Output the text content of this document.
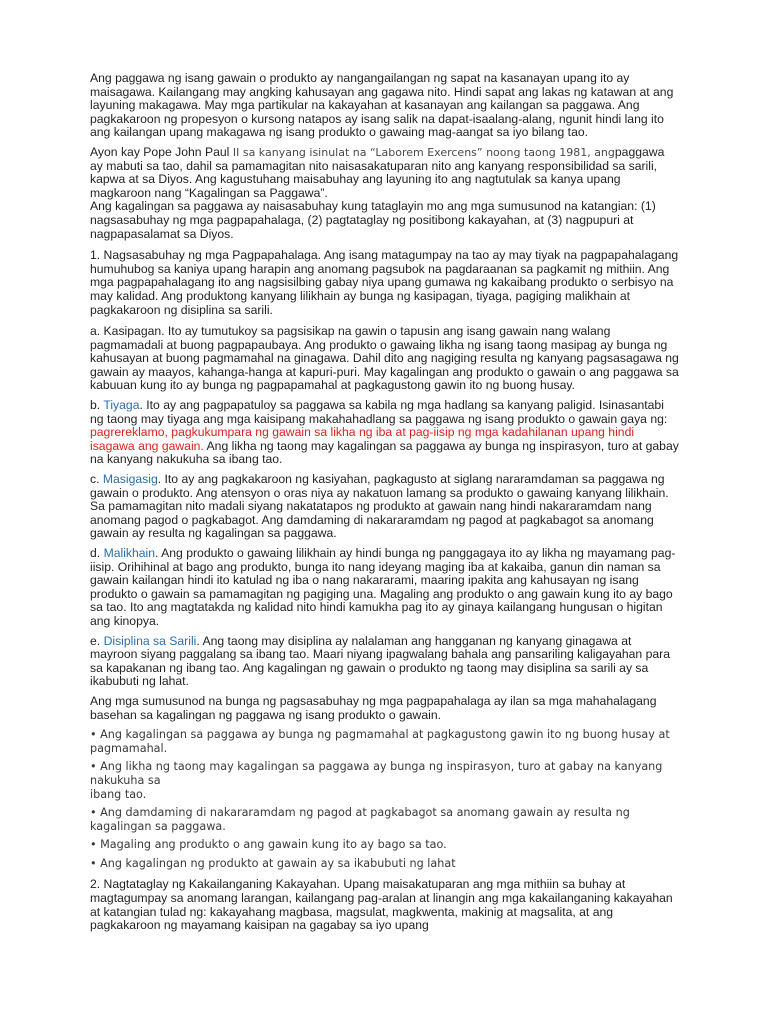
Ang paggawa ng isang gawain o produkto ay nangangailangan ng sapat na kasanayan upang ito ay maisagawa. Kailangang may angking kahusayan ang gagawa nito. Hindi sapat ang lakas ng katawan at ang layuning makagawa. May mga partikular na kakayahan at kasanayan ang kailangan sa paggawa. Ang pagkakaroon ng propesyon o kursong natapos ay isang salik na dapat-isaalang-alang, ngunit hindi lang ito ang kailangan upang makagawa ng isang produkto o gawaing mag-aangat sa iyo bilang tao.

Ayon kay Pope John Paul II sa kanyang isinulat na “Laborem Exercens” noong taong 1981, angpaggawa ay mabuti sa tao, dahil sa pamamagitan nito naisasakatuparan nito ang kanyang responsibilidad sa sarili, kapwa at sa Diyos. Ang kagustuhang maisabuhay ang layuning ito ang nagtutulak sa kanya upang magkaroon nang “Kagalingan sa Paggawa”.

Ang kagalingan sa paggawa ay naisasabuhay kung tataglayin mo ang mga sumusunod na katangian: (1) nagsasabuhay ng mga pagpapahalaga, (2) pagtataglay ng positibong kakayahan, at (3) nagpupuri at nagpapasalamat sa Diyos.

1. Nagsasabuhay ng mga Pagpapahalaga. Ang isang matagumpay na tao ay may tiyak na pagpapahalagang humuhubog sa kaniya upang harapin ang anomang pagsubok na pagdaraanan sa pagkamit ng mithiin. Ang mga pagpapahalagang ito ang nagsisilbing gabay niya upang gumawa ng kakaibang produkto o serbisyo na may kalidad. Ang produktong kanyang lilikhain ay bunga ng kasipagan, tiyaga, pagiging malikhain at pagkakaroon ng disiplina sa sarili.

a. Kasipagan. Ito ay tumutukoy sa pagsisikap na gawin o tapusin ang isang gawain nang walang pagmamadali at buong pagpapaubaya. Ang produkto o gawaing likha ng isang taong masipag ay bunga ng kahusayan at buong pagmamahal na ginagawa. Dahil dito ang nagiging resulta ng kanyang pagsasagawa ng gawain ay maayos, kahanga-hanga at kapuri-puri. May kagalingan ang produkto o gawain o ang paggawa sa kabuuan kung ito ay bunga ng pagpapamahal at pagkagustong gawin ito ng buong husay.

b. Tiyaga. Ito ay ang pagpapatuloy sa paggawa sa kabila ng mga hadlang sa kanyang paligid. Isinasantabi ng taong may tiyaga ang mga kaisipang makahahadlang sa paggawa ng isang produkto o gawain gaya ng: pagrereklamo, pagkukumpara ng gawain sa likha ng iba at pag-iisip ng mga kadahilanan upang hindi isagawa ang gawain. Ang likha ng taong may kagalingan sa paggawa ay bunga ng inspirasyon, turo at gabay na kanyang nakukuha sa ibang tao.

c. Masigasig. Ito ay ang pagkakaroon ng kasiyahan, pagkagusto at siglang nararamdaman sa paggawa ng gawain o produkto. Ang atensyon o oras niya ay nakatuon lamang sa produkto o gawaing kanyang lilikhain. Sa pamamagitan nito madali siyang nakatatapos ng produkto at gawain nang hindi nakararamdam nang anomang pagod o pagkabagot. Ang damdaming di nakararamdam ng pagod at pagkabagot sa anomang gawain ay resulta ng kagalingan sa paggawa.

d. Malikhain. Ang produkto o gawaing lilikhain ay hindi bunga ng panggagaya ito ay likha ng mayamang pag-iisip. Orihihinal at bago ang produkto, bunga ito nang ideyang maging iba at kakaiba, ganun din naman sa gawain kailangan hindi ito katulad ng iba o nang nakararami, maaring ipakita ang kahusayan ng isang produkto o gawain sa pamamagitan ng pagiging una. Magaling ang produkto o ang gawain kung ito ay bago sa tao. Ito ang magtatakda ng kalidad nito hindi kamukha pag ito ay ginaya kailangang hungusan o higitan ang kinopya.

e. Disiplina sa Sarili. Ang taong may disiplina ay nalalaman ang hangganan ng kanyang ginagawa at mayroon siyang paggalang sa ibang tao. Maari niyang ipagwalang bahala ang pansariling kaligayahan para sa kapakanan ng ibang tao. Ang kagalingan ng gawain o produkto ng taong may disiplina sa sarili ay sa ikabubuti ng lahat.

Ang mga sumusunod na bunga ng pagsasabuhay ng mga pagpapahalaga ay ilan sa mga mahahalagang basehan sa kagalingan ng paggawa ng isang produkto o gawain.

• Ang kagalingan sa paggawa ay bunga ng pagmamahal at pagkagustong gawin ito ng buong husay at pagmamahal.

• Ang likha ng taong may kagalingan sa paggawa ay bunga ng inspirasyon, turo at gabay na kanyang nakukuha sa

ibang tao.

• Ang damdaming di nakararamdam ng pagod at pagkabagot sa anomang gawain ay resulta ng kagalingan sa paggawa.

• Magaling ang produkto o ang gawain kung ito ay bago sa tao.

• Ang kagalingan ng produkto at gawain ay sa ikabubuti ng lahat

2. Nagtataglay ng Kakailanganing Kakayahan. Upang maisakatuparan ang mga mithiin sa buhay at magtagumpay sa anomang larangan, kailangang pag-aralan at linangin ang mga kakailanganing kakayahan at katangian tulad ng: kakayahang magbasa, magsulat, magkwenta, makinig at magsalita, at ang pagkakaroon ng mayamang kaisipan na gagabay sa iyo upang
